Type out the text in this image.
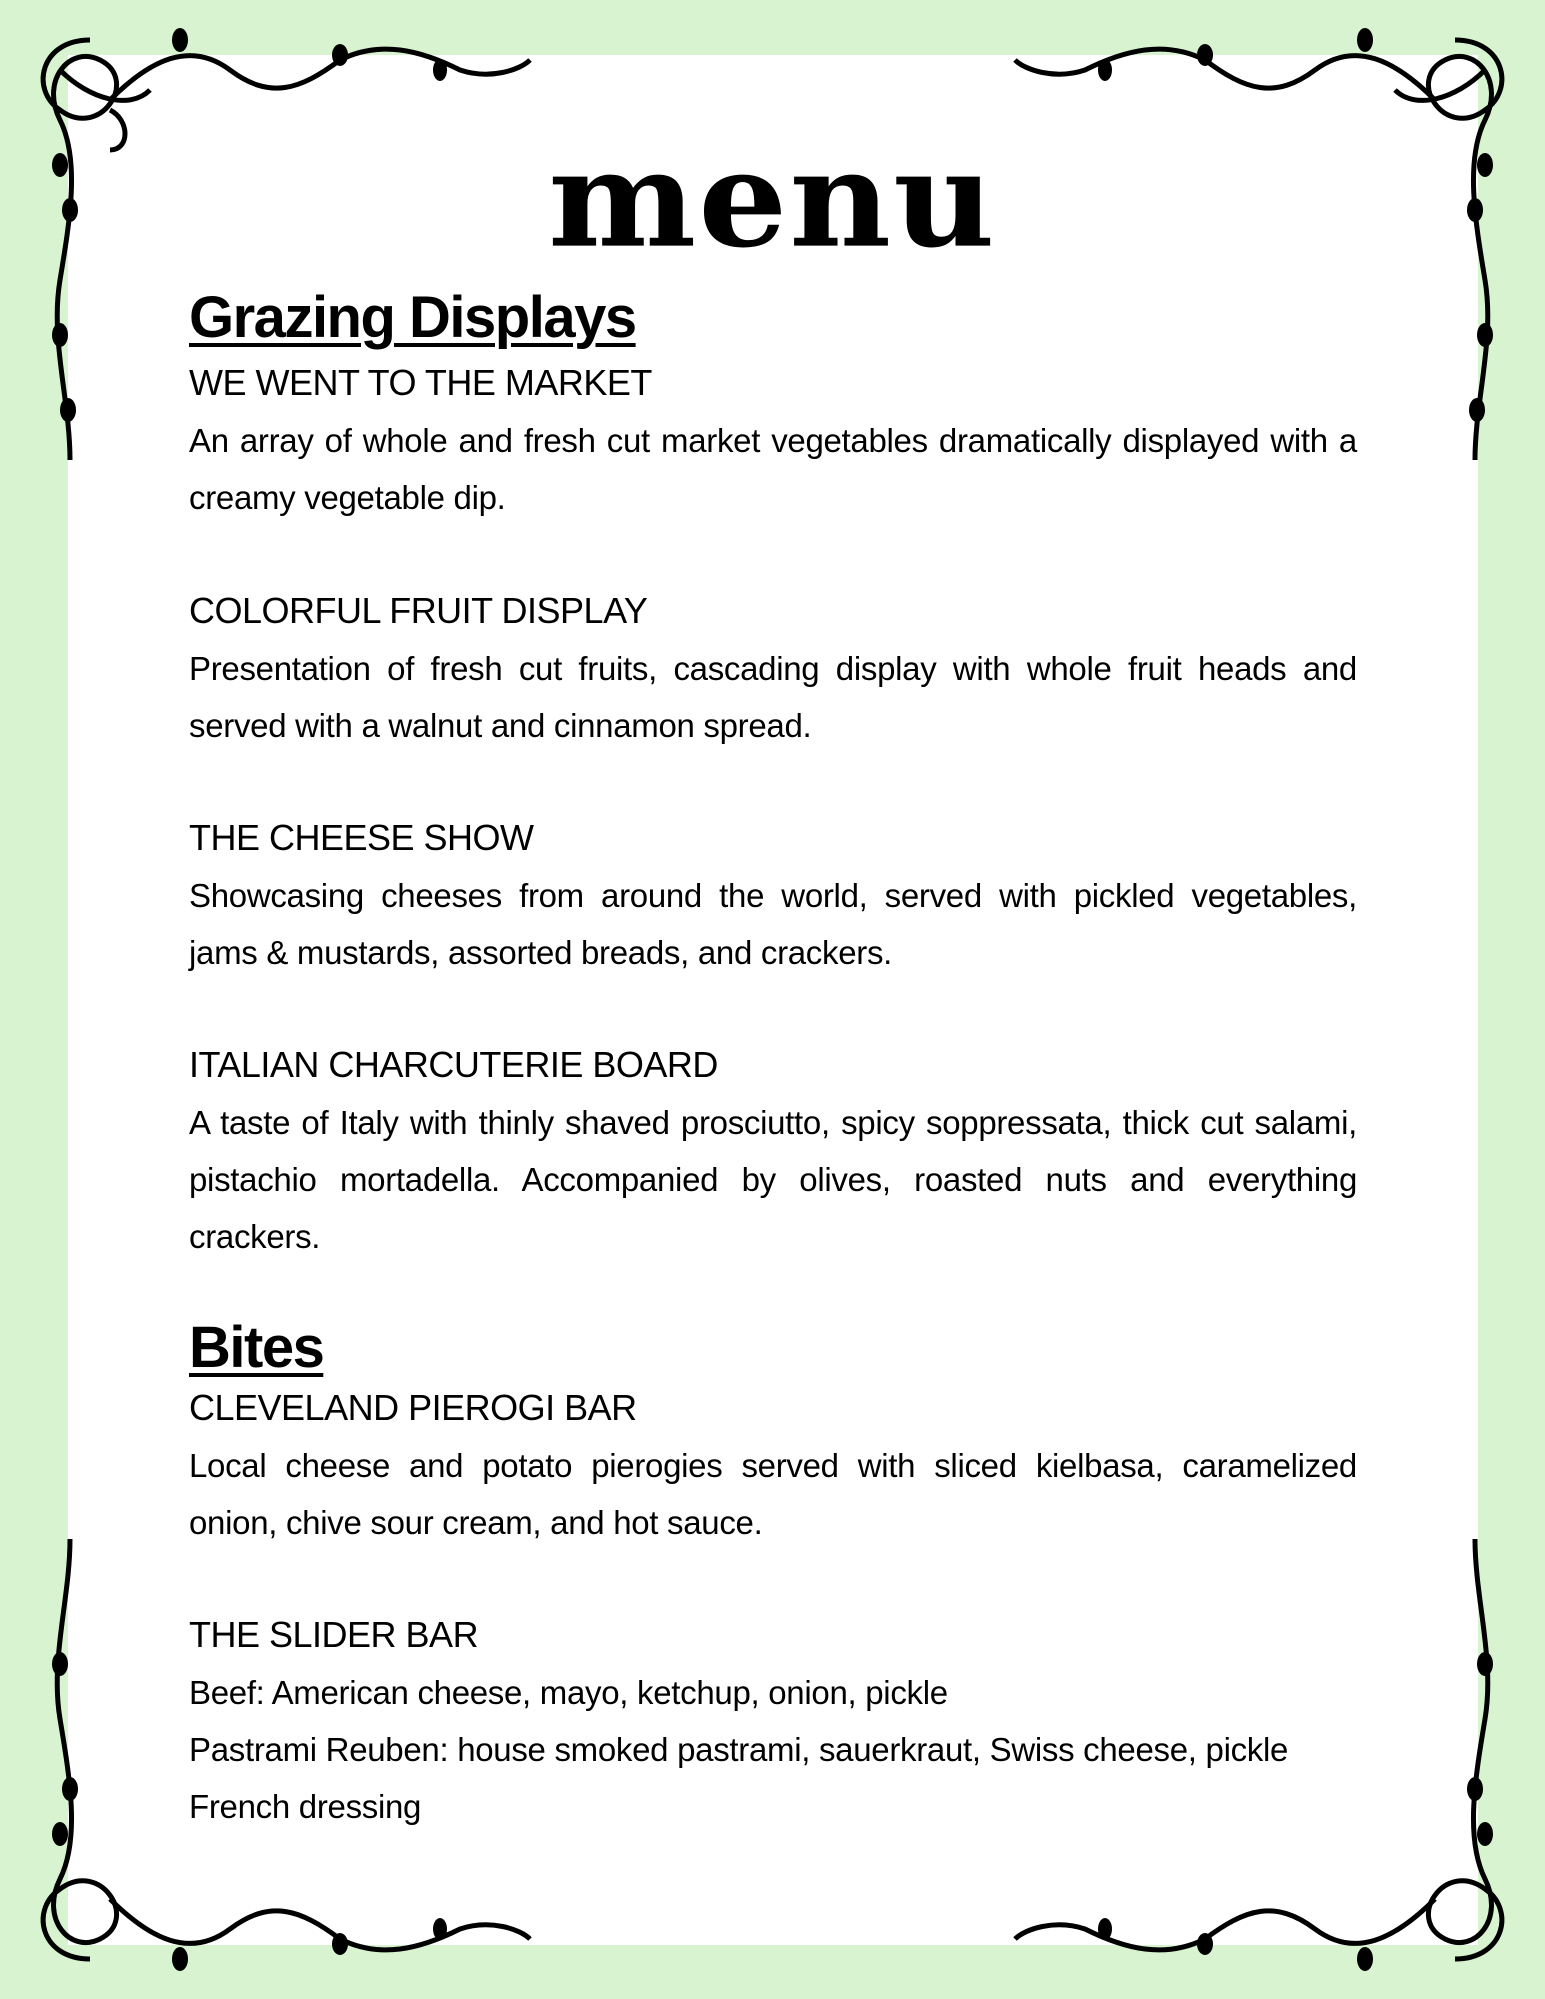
menu
Grazing Displays

WE WENT TO THE MARKET

An array of whole and fresh cut market vegetables dramatically displayed with a creamy vegetable dip.

COLORFUL FRUIT DISPLAY

Presentation of fresh cut fruits, cascading display with whole fruit heads and served with a walnut and cinnamon spread.

THE CHEESE SHOW

Showcasing cheeses from around the world, served with pickled vegetables, jams & mustards, assorted breads, and crackers.

ITALIAN CHARCUTERIE BOARD

A taste of Italy with thinly shaved prosciutto, spicy soppressata, thick cut salami, pistachio mortadella. Accompanied by olives, roasted nuts and everything crackers.

Bites

CLEVELAND PIEROGI BAR

Local cheese and potato pierogies served with sliced kielbasa, caramelized onion, chive sour cream, and hot sauce.

THE SLIDER BAR

Beef: American cheese, mayo, ketchup, onion, pickle

Pastrami Reuben: house smoked pastrami, sauerkraut, Swiss cheese, pickle

French dressing
